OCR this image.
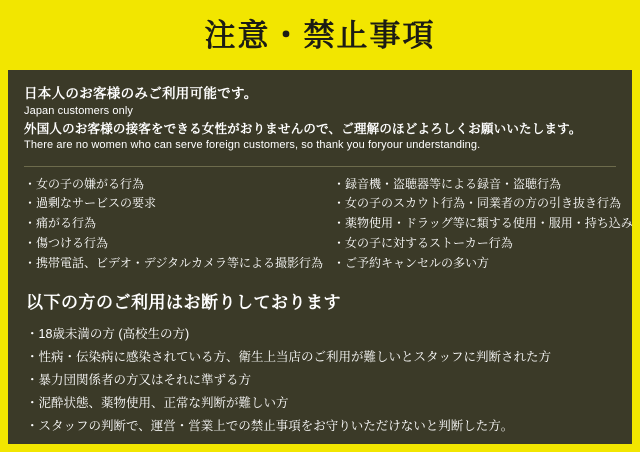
注意・禁止事項
日本人のお客様のみご利用可能です。
Japan customers only
外国人のお客様の接客をできる女性がおりませんので、ご理解のほどよろしくお願いいたします。
There are no women who can serve foreign customers, so thank you foryour understanding.
・女の子の嫌がる行為
・過剰なサービスの要求
・痛がる行為
・傷つける行為
・携帯電話、ビデオ・デジタルカメラ等による撮影行為
・録音機・盗聴器等による録音・盗聴行為
・女の子のスカウト行為・同業者の方の引き抜き行為
・薬物使用・ドラッグ等に類する使用・服用・持ち込み
・女の子に対するストーカー行為
・ご予約キャンセルの多い方
以下の方のご利用はお断りしております
・18歳未満の方 (高校生の方)
・性病・伝染病に感染されている方、衛生上当店のご利用が難しいとスタッフに判断された方
・暴力団関係者の方又はそれに準ずる方
・泥酔状態、薬物使用、正常な判断が難しい方
・スタッフの判断で、運営・営業上での禁止事項をお守りいただけないと判断した方。
